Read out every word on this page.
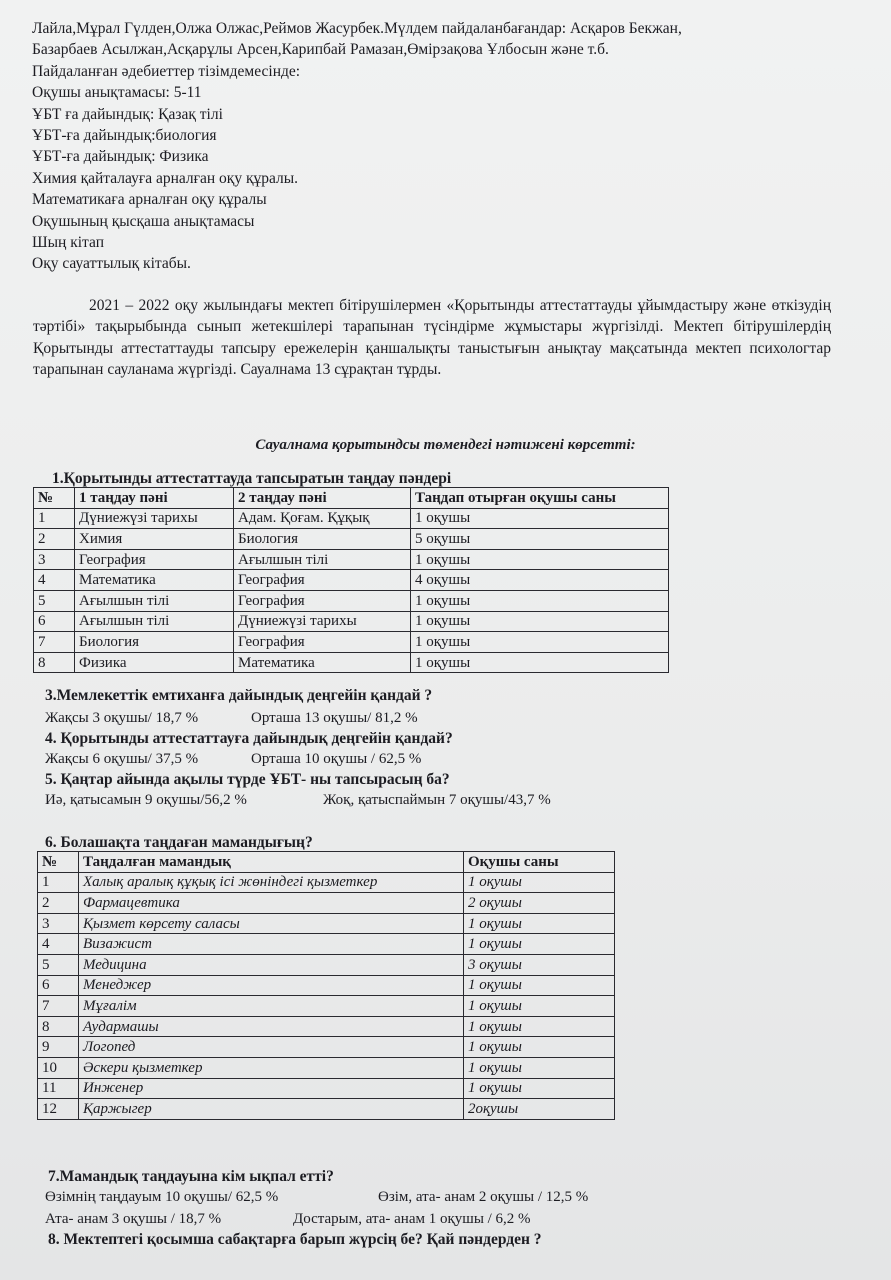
Лайла,Мұрал Гүлден,Олжа Олжас,Реймов Жасурбек.Мүлдем пайдаланбағандар: Асқаров Бекжан,
Базарбаев Асылжан,Асқарұлы Арсен,Карипбай Рамазан,Өмірзақова Ұлбосын және т.б.
Пайдаланған әдебиеттер тізімдемесінде:
Оқушы анықтамасы: 5-11
ҰБТ ға дайындық: Қазақ тілі
ҰБТ-ға дайындық:биология
ҰБТ-ға дайындық: Физика
Химия қайталауға арналған оқу құралы.
Математикаға арналған оқу құралы
Оқушының қысқаша анықтамасы
Шың кітап
Оқу сауаттылық кітабы.
2021 – 2022 оқу жылындағы мектеп бітірушілермен «Қорытынды аттестаттауды ұйымдастыру және өткізудің тәртібі» тақырыбында сынып жетекшілері тарапынан түсіндірме жұмыстары жүргізілді. Мектеп бітірушілердің Қорытынды аттестаттауды тапсыру ережелерін қаншалықты таныстығын анықтау мақсатында мектеп психологтар тарапынан сауланама жүргізді. Сауалнама 13 сұрақтан тұрды.
Сауалнама қорытындсы төмендегі нәтижені көрсетті:
1.Қорытынды аттестаттауда тапсыратын таңдау пәндері
№	1 таңдау пәні	2 таңдау пәні	Таңдап отырған оқушы саны
1	Дүниежүзі тарихы	Адам. Қоғам. Құқық	1 оқушы
2	Химия	Биология	5 оқушы
3	География	Ағылшын тілі	1 оқушы
4	Математика	География	4 оқушы
5	Ағылшын тілі	География	1 оқушы
6	Ағылшын тілі	Дүниежүзі тарихы	1 оқушы
7	Биология	География	1 оқушы
8	Физика	Математика	1 оқушы
3.Мемлекеттік емтиханға дайындық деңгейін қандай ?
Жақсы 3 оқушы/ 18,7 %	Орташа 13 оқушы/ 81,2 %
4. Қорытынды аттестаттауға дайындық деңгейін қандай?
Жақсы 6 оқушы/ 37,5 %	Орташа 10 оқушы / 62,5 %
5. Қаңтар айында ақылы түрде ҰБТ- ны тапсырасың ба?
Иә, қатысамын 9 оқушы/56,2 %	Жоқ, қатыспаймын 7 оқушы/43,7 %
6. Болашақта таңдаған мамандығың?
№	Таңдалған мамандық	Оқушы саны
1	Халық аралық құқық ісі жөніндегі қызметкер	1 оқушы
2	Фармацевтика	2 оқушы
3	Қызмет көрсету саласы	1 оқушы
4	Визажист	1 оқушы
5	Медицина	3 оқушы
6	Менеджер	1 оқушы
7	Мұғалім	1 оқушы
8	Аудармашы	1 оқушы
9	Логопед	1 оқушы
10	Әскери қызметкер	1 оқушы
11	Инженер	1 оқушы
12	Қаржыгер	2оқушы
7.Мамандық таңдауына кім ықпал етті?
Өзімнің таңдауым 10 оқушы/ 62,5 %	Өзім, ата- анам 2 оқушы / 12,5 %
Ата- анам 3 оқушы / 18,7 %	Достарым, ата- анам 1 оқушы / 6,2 %
8. Мектептегі қосымша сабақтарға барып жүрсің бе? Қай пәндерден ?
